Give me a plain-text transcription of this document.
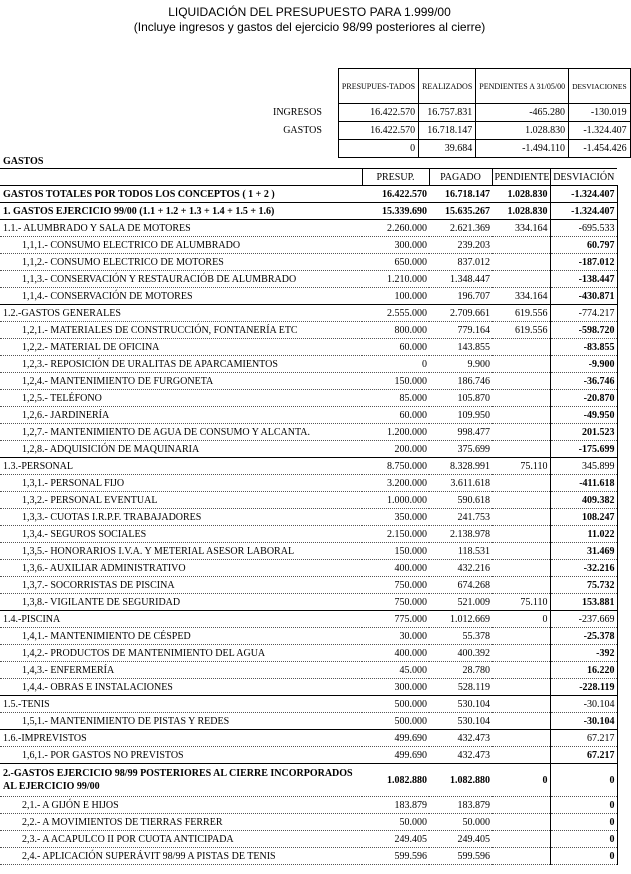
LIQUIDACIÓN DEL PRESUPUESTO PARA 1.999/00
(Incluye ingresos y gastos del ejercicio 98/99 posteriores al cierre)
	PRESUPUES-TADOS	REALIZADOS	PENDIENTES A 31/05/00	DESVIACIONES
INGRESOS	16.422.570	16.757.831	-465.280	-130.019
GASTOS	16.422.570	16.718.147	1.028.830	-1.324.407
	0	39.684	-1.494.110	-1.454.426
GASTOS
	PRESUP.	PAGADO	PENDIENTE	DESVIACIÓN
GASTOS TOTALES POR TODOS LOS CONCEPTOS ( 1 + 2 )	16.422.570	16.718.147	1.028.830	-1.324.407
1. GASTOS EJERCICIO 99/00 (1.1 + 1.2 + 1.3 + 1.4 + 1.5 + 1.6)	15.339.690	15.635.267	1.028.830	-1.324.407
1.1.- ALUMBRADO Y SALA DE MOTORES	2.260.000	2.621.369	334.164	-695.533
1,1,1.- CONSUMO ELECTRICO DE ALUMBRADO	300.000	239.203		60.797
1,1,2.- CONSUMO ELECTRICO DE MOTORES	650.000	837.012		-187.012
1,1,3.- CONSERVACIÓN Y RESTAURACIÓB DE ALUMBRADO	1.210.000	1.348.447		-138.447
1,1,4.- CONSERVACIÓN DE MOTORES	100.000	196.707	334.164	-430.871
1.2.-GASTOS GENERALES	2.555.000	2.709.661	619.556	-774.217
1,2,1.- MATERIALES DE CONSTRUCCIÓN, FONTANERÍA ETC	800.000	779.164	619.556	-598.720
1,2,2.- MATERIAL DE OFICINA	60.000	143.855		-83.855
1,2,3.- REPOSICIÓN DE URALITAS DE APARCAMIENTOS	0	9.900		-9.900
1,2,4.- MANTENIMIENTO DE FURGONETA	150.000	186.746		-36.746
1,2,5.- TELÉFONO	85.000	105.870		-20.870
1,2,6.- JARDINERÍA	60.000	109.950		-49.950
1,2,7.- MANTENIMIENTO DE AGUA DE CONSUMO Y ALCANTA.	1.200.000	998.477		201.523
1,2,8.- ADQUISICIÓN DE MAQUINARIA	200.000	375.699		-175.699
1.3.-PERSONAL	8.750.000	8.328.991	75.110	345.899
1,3,1.- PERSONAL FIJO	3.200.000	3.611.618		-411.618
1,3,2.- PERSONAL EVENTUAL	1.000.000	590.618		409.382
1,3,3.- CUOTAS I.R.P.F. TRABAJADORES	350.000	241.753		108.247
1,3,4.- SEGUROS SOCIALES	2.150.000	2.138.978		11.022
1,3,5.- HONORARIOS I.V.A. Y METERIAL ASESOR LABORAL	150.000	118.531		31.469
1,3,6.- AUXILIAR ADMINISTRATIVO	400.000	432.216		-32.216
1,3,7.- SOCORRISTAS DE PISCINA	750.000	674.268		75.732
1,3,8.- VIGILANTE DE SEGURIDAD	750.000	521.009	75.110	153.881
1.4.-PISCINA	775.000	1.012.669	0	-237.669
1,4,1.- MANTENIMIENTO DE CÉSPED	30.000	55.378		-25.378
1,4,2.- PRODUCTOS DE MANTENIMIENTO DEL AGUA	400.000	400.392		-392
1,4,3.- ENFERMERÍA	45.000	28.780		16.220
1,4,4.- OBRAS E INSTALACIONES	300.000	528.119		-228.119
1.5.-TENIS	500.000	530.104		-30.104
1,5,1.- MANTENIMIENTO DE PISTAS Y REDES	500.000	530.104		-30.104
1.6.-IMPREVISTOS	499.690	432.473		67.217
1,6,1.- POR GASTOS NO PREVISTOS	499.690	432.473		67.217
2.-GASTOS EJERCICIO 98/99 POSTERIORES AL CIERRE INCORPORADOS AL EJERCICIO 99/00	1.082.880	1.082.880	0	0
2,1.- A GIJÓN E HIJOS	183.879	183.879		0
2,2.- A MOVIMIENTOS DE TIERRAS FERRER	50.000	50.000		0
2,3.- A ACAPULCO II POR CUOTA ANTICIPADA	249.405	249.405		0
2,4.- APLICACIÓN SUPERÁVIT 98/99 A PISTAS DE TENIS	599.596	599.596		0
